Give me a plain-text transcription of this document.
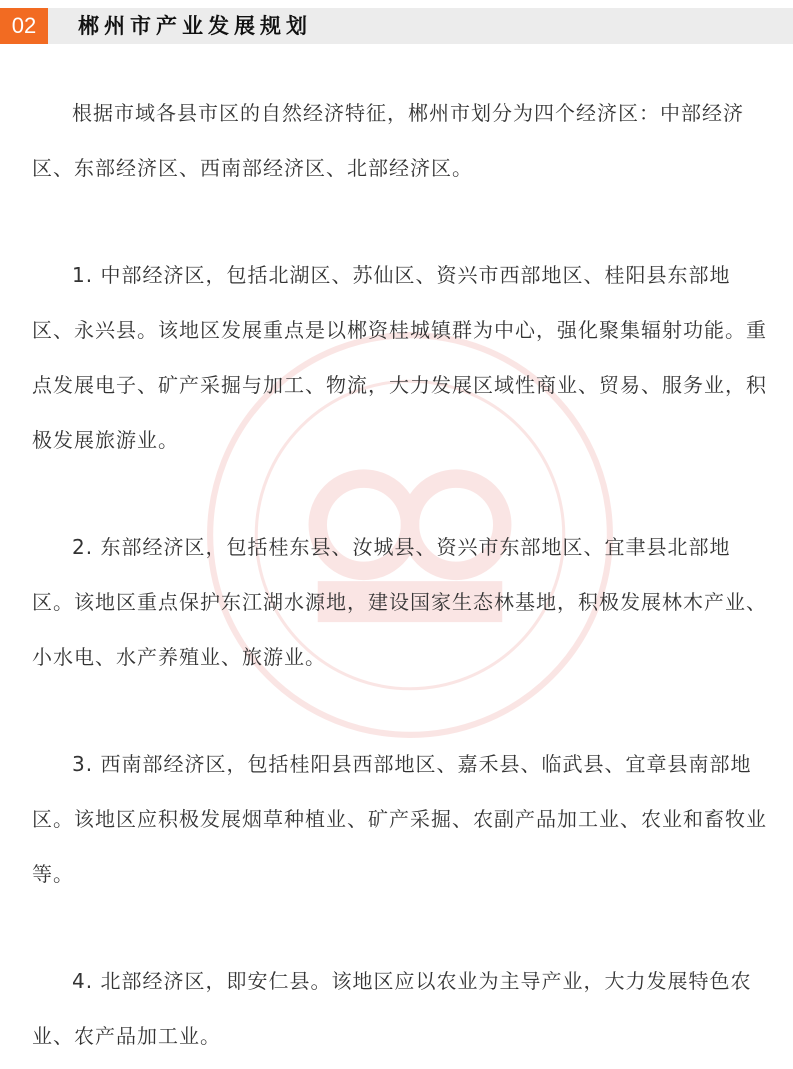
02	郴州市产业发展规划

根据市域各县市区的自然经济特征，郴州市划分为四个经济区：中部经济区、东部经济区、西南部经济区、北部经济区。

1. 中部经济区，包括北湖区、苏仙区、资兴市西部地区、桂阳县东部地区、永兴县。该地区发展重点是以郴资桂城镇群为中心，强化聚集辐射功能。重点发展电子、矿产采掘与加工、物流，大力发展区域性商业、贸易、服务业，积极发展旅游业。

2. 东部经济区，包括桂东县、汝城县、资兴市东部地区、宜聿县北部地区。该地区重点保护东江湖水源地，建设国家生态林基地，积极发展林木产业、小水电、水产养殖业、旅游业。

3. 西南部经济区，包括桂阳县西部地区、嘉禾县、临武县、宜章县南部地区。该地区应积极发展烟草种植业、矿产采掘、农副产品加工业、农业和畜牧业等。

4. 北部经济区，即安仁县。该地区应以农业为主导产业，大力发展特色农业、农产品加工业。
